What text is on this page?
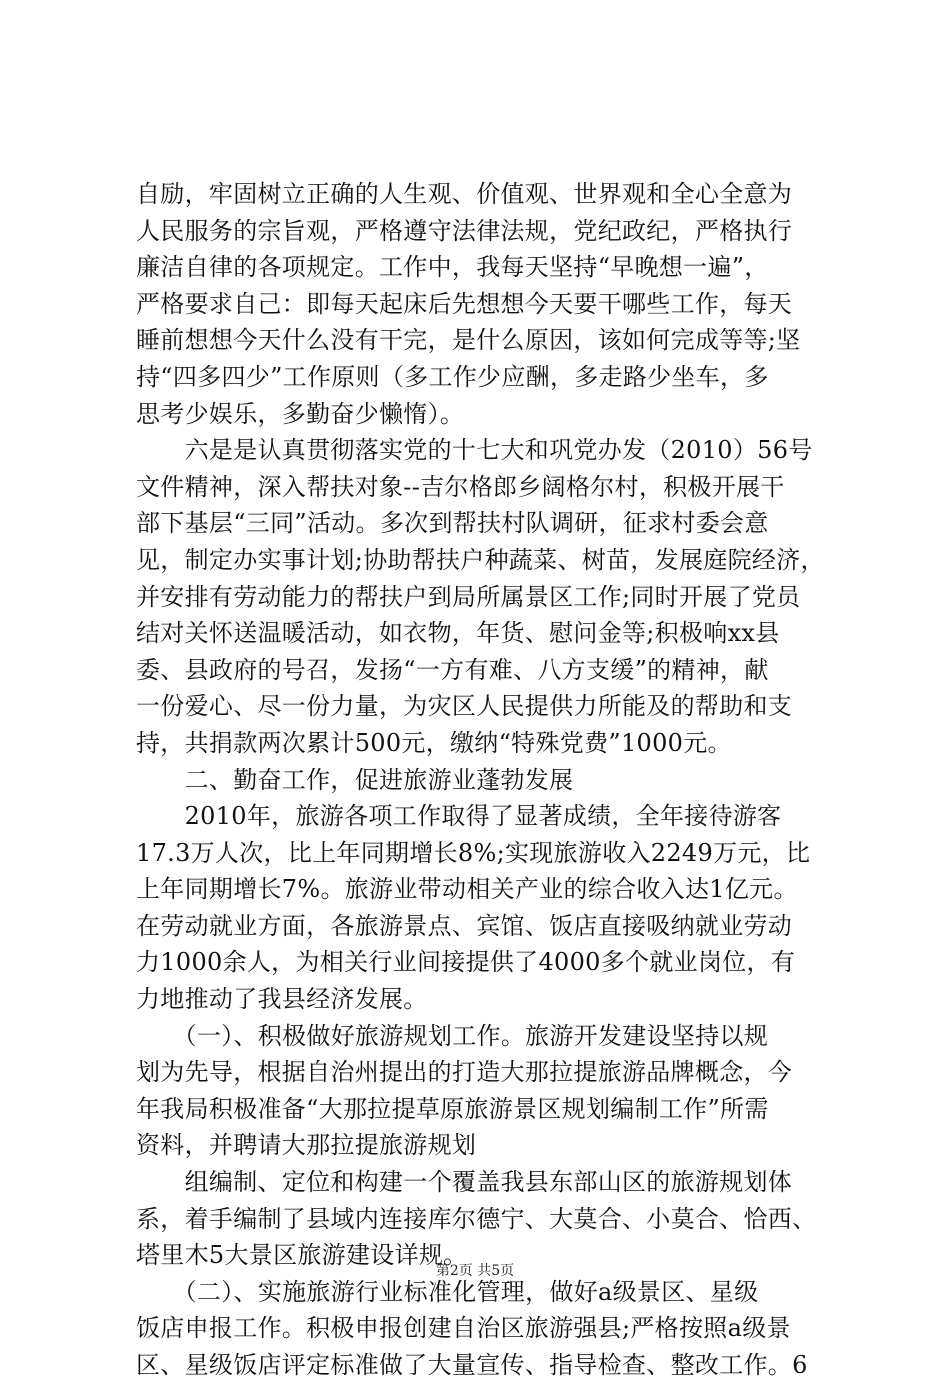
自励，牢固树立正确的人生观、价值观、世界观和全心全意为
人民服务的宗旨观，严格遵守法律法规，党纪政纪，严格执行
廉洁自律的各项规定。工作中，我每天坚持“早晚想一遍”，
严格要求自己：即每天起床后先想想今天要干哪些工作，每天
睡前想想今天什么没有干完，是什么原因，该如何完成等等;坚
持“四多四少”工作原则（多工作少应酬，多走路少坐车，多
思考少娱乐，多勤奋少懒惰）。
　　六是是认真贯彻落实党的十七大和巩党办发（2010）56号
文件精神，深入帮扶对象--吉尔格郎乡阔格尔村，积极开展干
部下基层“三同”活动。多次到帮扶村队调研，征求村委会意
见，制定办实事计划;协助帮扶户种蔬菜、树苗，发展庭院经济，
并安排有劳动能力的帮扶户到局所属景区工作;同时开展了党员
结对关怀送温暖活动，如衣物，年货、慰问金等;积极响xx县
委、县政府的号召，发扬“一方有难、八方支缓”的精神，献
一份爱心、尽一份力量，为灾区人民提供力所能及的帮助和支
持，共捐款两次累计500元，缴纳“特殊党费”1000元。
　　二、勤奋工作，促进旅游业蓬勃发展
　　2010年，旅游各项工作取得了显著成绩，全年接待游客
17.3万人次，比上年同期增长8%;实现旅游收入2249万元，比
上年同期增长7%。旅游业带动相关产业的综合收入达1亿元。
在劳动就业方面，各旅游景点、宾馆、饭店直接吸纳就业劳动
力1000余人，为相关行业间接提供了4000多个就业岗位，有
力地推动了我县经济发展。
　　（一）、积极做好旅游规划工作。旅游开发建设坚持以规
划为先导，根据自治州提出的打造大那拉提旅游品牌概念，今
年我局积极准备“大那拉提草原旅游景区规划编制工作”所需
资料，并聘请大那拉提旅游规划
　　组编制、定位和构建一个覆盖我县东部山区的旅游规划体
系，着手编制了县域内连接库尔德宁、大莫合、小莫合、恰西、
塔里木5大景区旅游建设详规。
　　（二）、实施旅游行业标准化管理，做好a级景区、星级
饭店申报工作。积极申报创建自治区旅游强县;严格按照a级景
区、星级饭店评定标准做了大量宣传、指导检查、整改工作。6
第2页 共5页
